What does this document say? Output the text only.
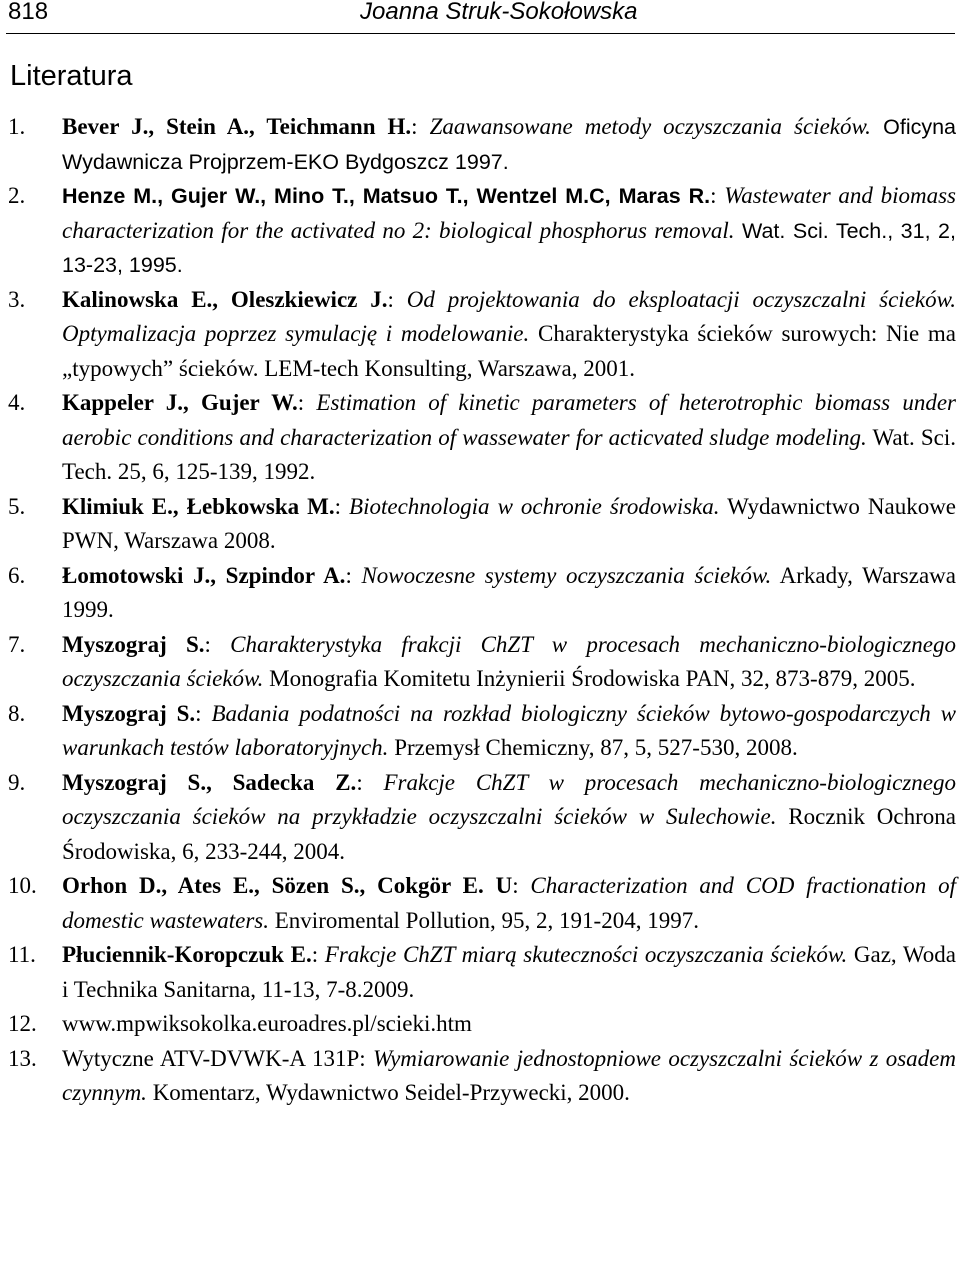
818	Joanna Struk-Sokołowska
Literatura
1.	Bever J., Stein A., Teichmann H.: Zaawansowane metody oczyszczania ścieków. Oficyna Wydawnicza Projprzem-EKO Bydgoszcz 1997.
2.	Henze M., Gujer W., Mino T., Matsuo T., Wentzel M.C, Maras R.: Wastewater and biomass characterization for the activated no 2: biological phosphorus removal. Wat. Sci. Tech., 31, 2, 13-23, 1995.
3.	Kalinowska E., Oleszkiewicz J.: Od projektowania do eksploatacji oczyszczalni ścieków. Optymalizacja poprzez symulację i modelowanie. Charakterystyka ścieków surowych: Nie ma „typowych” ścieków. LEM-tech Konsulting, Warszawa, 2001.
4.	Kappeler J., Gujer W.: Estimation of kinetic parameters of heterotrophic biomass under aerobic conditions and characterization of wassewater for acticvated sludge modeling. Wat. Sci. Tech. 25, 6, 125-139, 1992.
5.	Klimiuk E., Łebkowska M.: Biotechnologia w ochronie środowiska. Wydawnictwo Naukowe PWN, Warszawa 2008.
6.	Łomotowski J., Szpindor A.: Nowoczesne systemy oczyszczania ścieków. Arkady, Warszawa 1999.
7.	Myszograj S.: Charakterystyka frakcji ChZT w procesach mechaniczno-biologicznego oczyszczania ścieków. Monografia Komitetu Inżynierii Środowiska PAN, 32, 873-879, 2005.
8.	Myszograj S.: Badania podatności na rozkład biologiczny ścieków bytowo-gospodarczych w warunkach testów laboratoryjnych. Przemysł Chemiczny, 87, 5, 527-530, 2008.
9.	Myszograj S., Sadecka Z.: Frakcje ChZT w procesach mechaniczno-biologicznego oczyszczania ścieków na przykładzie oczyszczalni ścieków w Sulechowie. Rocznik Ochrona Środowiska, 6, 233-244, 2004.
10.	Orhon D., Ates E., Sözen S., Cokgör E. U: Characterization and COD fractionation of domestic wastewaters. Enviromental Pollution, 95, 2, 191-204, 1997.
11.	Płuciennik-Koropczuk E.: Frakcje ChZT miarą skuteczności oczyszczania ścieków. Gaz, Woda i Technika Sanitarna, 11-13, 7-8.2009.
12.	www.mpwiksokolka.euroadres.pl/scieki.htm
13.	Wytyczne ATV-DVWK-A 131P: Wymiarowanie jednostopniowe oczyszczalni ścieków z osadem czynnym. Komentarz, Wydawnictwo Seidel-Przywecki, 2000.
